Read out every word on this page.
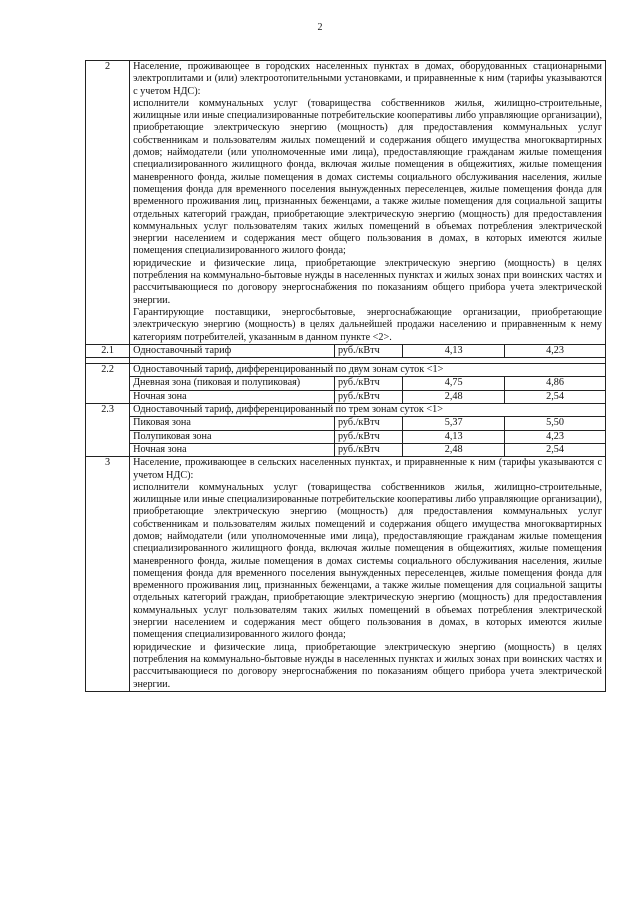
2
2	Население, проживающее в городских населенных пунктах в домах, оборудованных стационарными электроплитами и (или) электроотопительными установками, и приравненные к ним (тарифы указываются с учетом НДС):

исполнители коммунальных услуг (товарищества собственников жилья, жилищно-строительные, жилищные или иные специализированные потребительские кооперативы либо управляющие организации), приобретающие электрическую энергию (мощность) для предоставления коммунальных услуг собственникам и пользователям жилых помещений и содержания общего имущества многоквартирных домов; наймодатели (или уполномоченные ими лица), предоставляющие гражданам жилые помещения специализированного жилищного фонда, включая жилые помещения в общежитиях, жилые помещения маневренного фонда, жилые помещения в домах системы социального обслуживания населения, жилые помещения фонда для временного поселения вынужденных переселенцев, жилые помещения фонда для временного проживания лиц, признанных беженцами, а также жилые помещения для социальной защиты отдельных категорий граждан, приобретающие электрическую энергию (мощность) для предоставления коммунальных услуг пользователям таких жилых помещений в объемах потребления электрической энергии населением и содержания мест общего пользования в домах, в которых имеются жилые помещения специализированного жилого фонда;

юридические и физические лица, приобретающие электрическую энергию (мощность) в целях потребления на коммунально-бытовые нужды в населенных пунктах и жилых зонах при воинских частях и рассчитывающиеся по договору энергоснабжения по показаниям общего прибора учета электрической энергии.

Гарантирующие поставщики, энергосбытовые, энергоснабжающие организации, приобретающие электрическую энергию (мощность) в целях дальнейшей продажи населению и приравненным к нему категориям потребителей, указанным в данном пункте <2>.			

2.1	Одноставочный тариф	руб./кВтч	4,13	4,23

2.2	Одноставочный тариф, дифференцированный по двум зонам суток <1>			
	Дневная зона (пиковая и полупиковая)	руб./кВтч	4,75	4,86
	Ночная зона	руб./кВтч	2,48	2,54
2.3	Одноставочный тариф, дифференцированный по трем зонам суток <1>			
	Пиковая зона	руб./кВтч	5,37	5,50
	Полупиковая зона	руб./кВтч	4,13	4,23
	Ночная зона	руб./кВтч	2,48	2,54
3	Население, проживающее в сельских населенных пунктах, и приравненные к ним (тарифы указываются с учетом НДС):

исполнители коммунальных услуг (товарищества собственников жилья, жилищно-строительные, жилищные или иные специализированные потребительские кооперативы либо управляющие организации), приобретающие электрическую энергию (мощность) для предоставления коммунальных услуг собственникам и пользователям жилых помещений и содержания общего имущества многоквартирных домов; наймодатели (или уполномоченные ими лица), предоставляющие гражданам жилые помещения специализированного жилищного фонда, включая жилые помещения в общежитиях, жилые помещения маневренного фонда, жилые помещения в домах системы социального обслуживания населения, жилые помещения фонда для временного поселения вынужденных переселенцев, жилые помещения фонда для временного проживания лиц, признанных беженцами, а также жилые помещения для социальной защиты отдельных категорий граждан, приобретающие электрическую энергию (мощность) для предоставления коммунальных услуг пользователям таких жилых помещений в объемах потребления электрической энергии населением и содержания мест общего пользования в домах, в которых имеются жилые помещения специализированного жилого фонда;

юридические и физические лица, приобретающие электрическую энергию (мощность) в целях потребления на коммунально-бытовые нужды в населенных пунктах и жилых зонах при воинских частях и рассчитывающиеся по договору энергоснабжения по показаниям общего прибора учета электрической энергии.			
